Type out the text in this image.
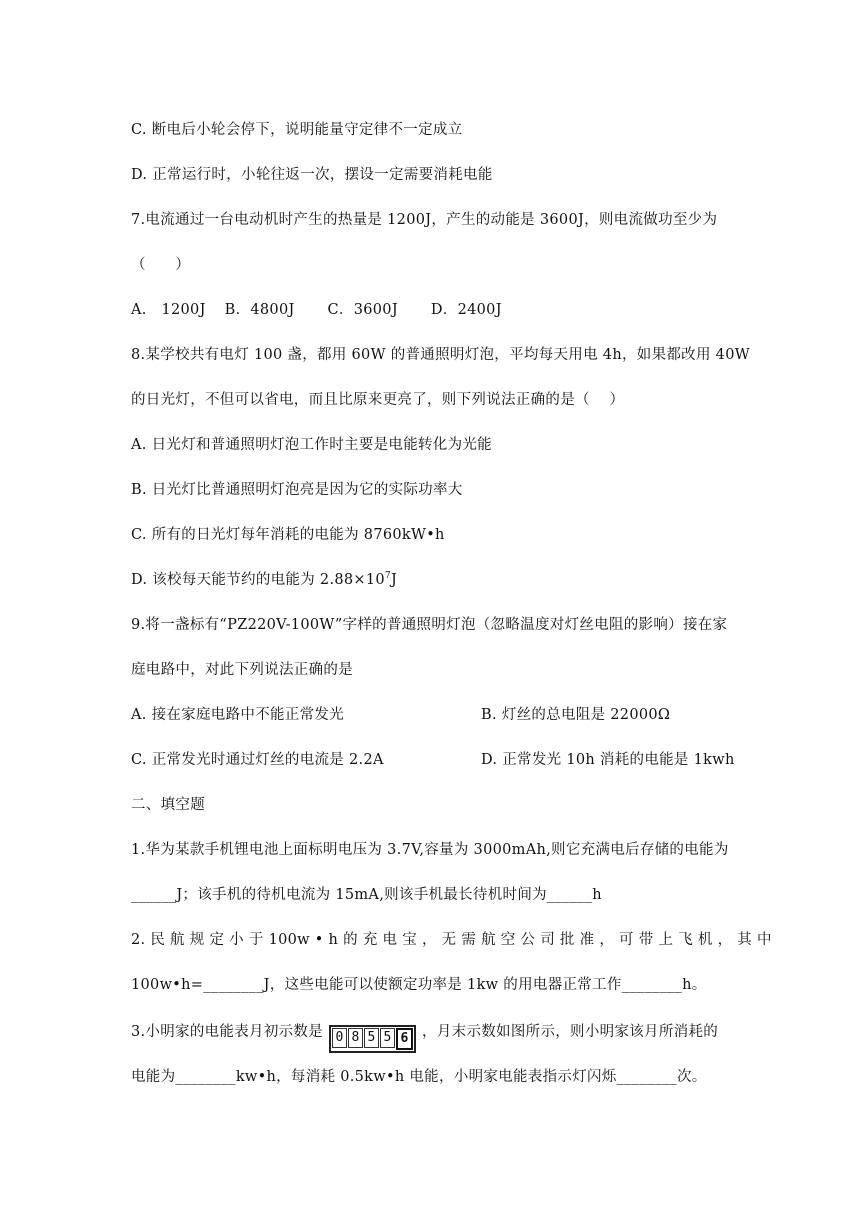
C. 断电后小轮会停下，说明能量守定律不一定成立
D. 正常运行时，小轮往返一次，摆设一定需要消耗电能
7.电流通过一台电动机时产生的热量是 1200J，产生的动能是 3600J，则电流做功至少为
（　　）
A.　1200J B．4800J C．3600J D．2400J
8.某学校共有电灯 100 盏，都用 60W 的普通照明灯泡，平均每天用电 4h，如果都改用 40W
的日光灯，不但可以省电，而且比原来更亮了，则下列说法正确的是（　 ）
A. 日光灯和普通照明灯泡工作时主要是电能转化为光能
B. 日光灯比普通照明灯泡亮是因为它的实际功率大
C. 所有的日光灯每年消耗的电能为 8760kW•h
D. 该校每天能节约的电能为 $2.88\times 10^7J$
9.将一盏标有“PZ220V-100W”字样的普通照明灯泡（忽略温度对灯丝电阻的影响）接在家
庭电路中，对此下列说法正确的是
A. 接在家庭电路中不能正常发光	B. 灯丝的总电阻是 22000Ω
C. 正常发光时通过灯丝的电流是 2.2A	D. 正常发光 10h 消耗的电能是 1kwh
二、填空题
1.华为某款手机锂电池上面标明电压为 3.7V,容量为 3000mAh,则它充满电后存储的电能为
______J；该手机的待机电流为 15mA,则该手机最长待机时间为______h
2. 民 航 规 定 小 于 100w • h 的 充 电 宝 ， 无 需 航 空 公 司 批 准 ， 可 带 上 飞 机 ， 其 中
100w•h=________J，这些电能可以使额定功率是 1kw 的用电器正常工作________h。
3.小明家的电能表月初示数是 0 8 5 5 6 ，月末示数如图所示，则小明家该月所消耗的
电能为________kw•h，每消耗 0.5kw•h 电能，小明家电能表指示灯闪烁________次。
